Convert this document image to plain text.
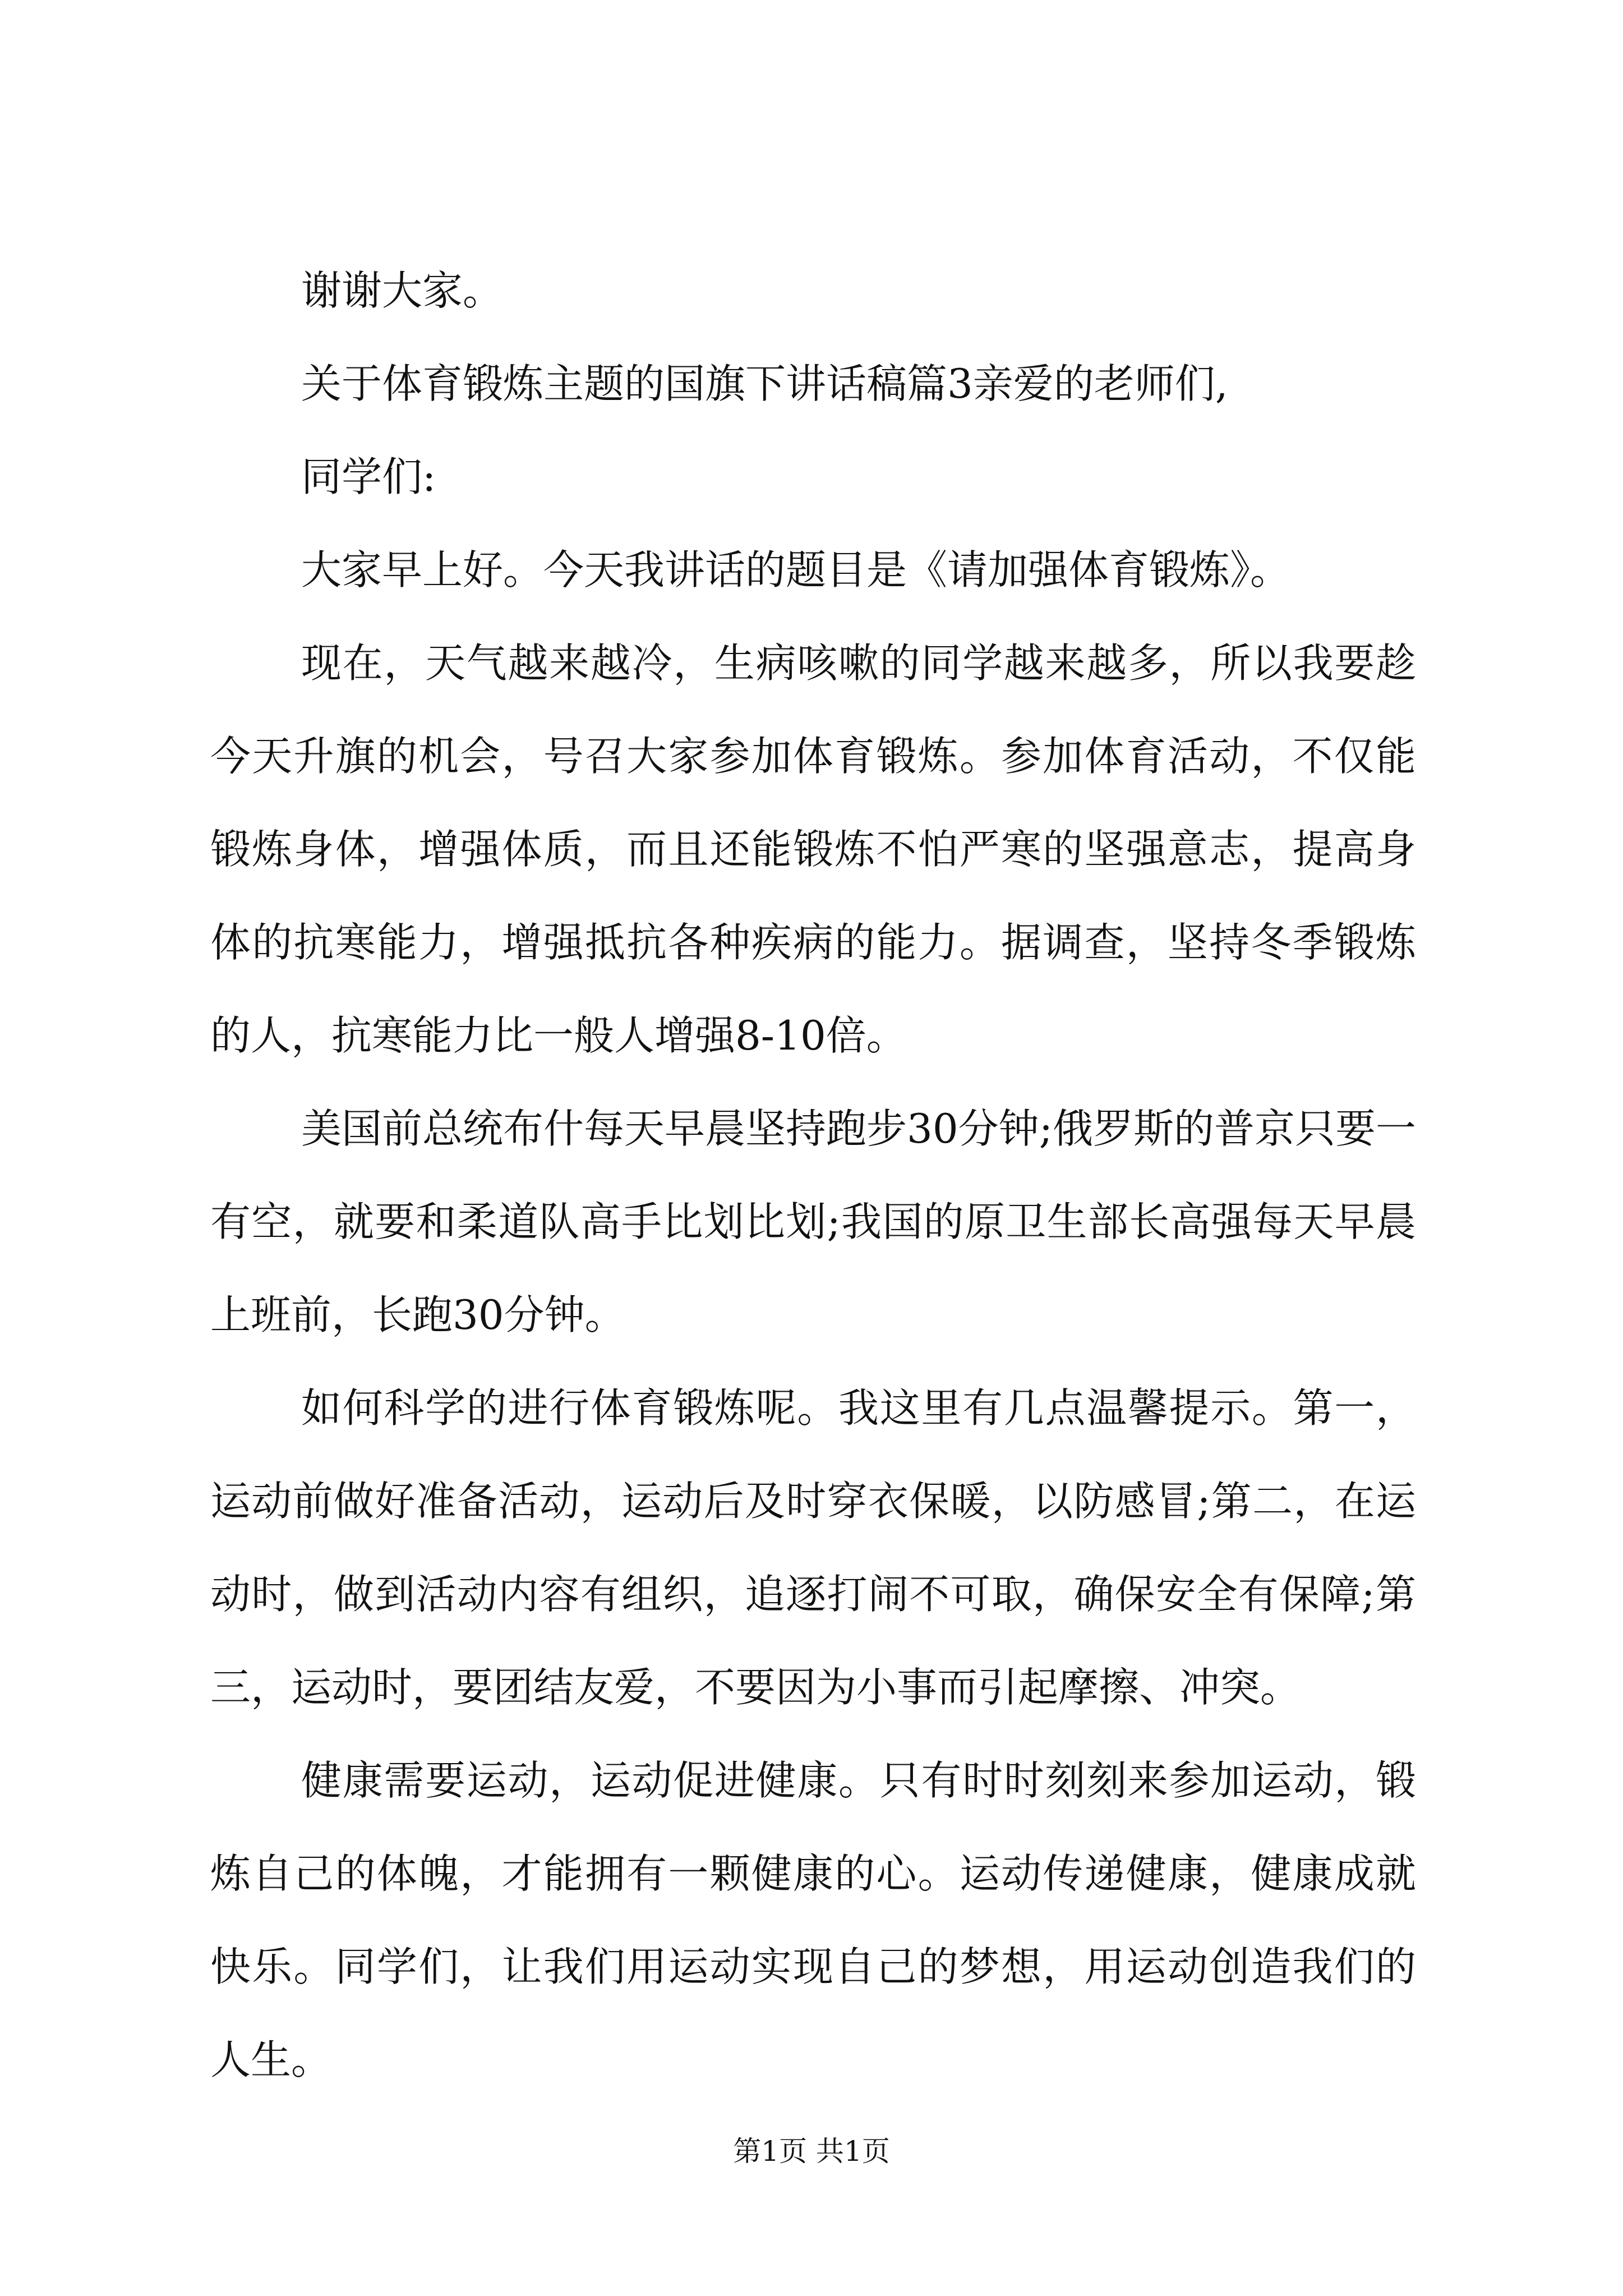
谢谢大家。

关于体育锻炼主题的国旗下讲话稿篇3亲爱的老师们,

同学们:

大家早上好。今天我讲话的题目是《请加强体育锻炼》。

现在，天气越来越冷，生病咳嗽的同学越来越多，所以我要趁今天升旗的机会，号召大家参加体育锻炼。参加体育活动，不仅能锻炼身体，增强体质，而且还能锻炼不怕严寒的坚强意志，提高身体的抗寒能力，增强抵抗各种疾病的能力。据调查，坚持冬季锻炼的人，抗寒能力比一般人增强8-10倍。

美国前总统布什每天早晨坚持跑步30分钟;俄罗斯的普京只要一有空，就要和柔道队高手比划比划;我国的原卫生部长高强每天早晨上班前，长跑30分钟。

如何科学的进行体育锻炼呢。我这里有几点温馨提示。第一，运动前做好准备活动，运动后及时穿衣保暖，以防感冒;第二，在运动时，做到活动内容有组织，追逐打闹不可取，确保安全有保障;第三，运动时，要团结友爱，不要因为小事而引起摩擦、冲突。

健康需要运动，运动促进健康。只有时时刻刻来参加运动，锻炼自己的体魄，才能拥有一颗健康的心。运动传递健康，健康成就快乐。同学们，让我们用运动实现自己的梦想，用运动创造我们的人生。

第1页 共1页
